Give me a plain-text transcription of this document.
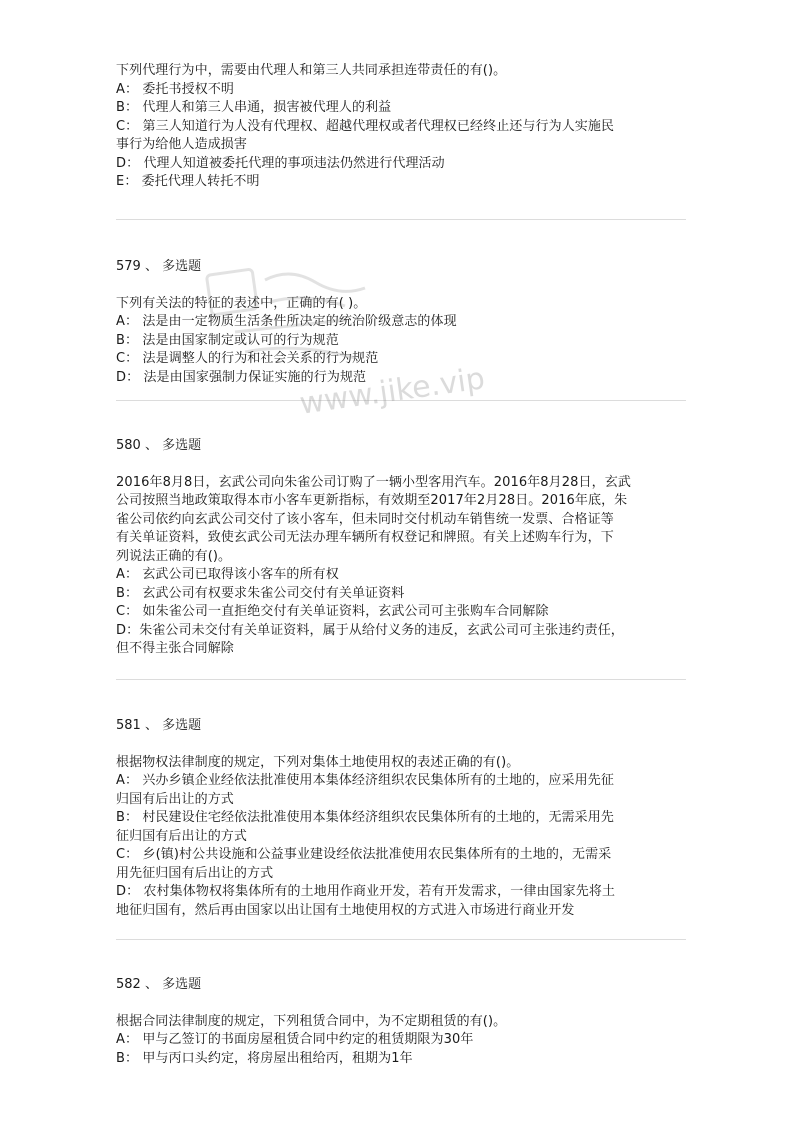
下列代理行为中，需要由代理人和第三人共同承担连带责任的有()。
A： 委托书授权不明
B： 代理人和第三人串通，损害被代理人的利益
C： 第三人知道行为人没有代理权、超越代理权或者代理权已经终止还与行为人实施民
事行为给他人造成损害
D： 代理人知道被委托代理的事项违法仍然进行代理活动
E： 委托代理人转托不明
579 、 多选题
下列有关法的特征的表述中，正确的有( )。
A： 法是由一定物质生活条件所决定的统治阶级意志的体现
B： 法是由国家制定或认可的行为规范
C： 法是调整人的行为和社会关系的行为规范
D： 法是由国家强制力保证实施的行为规范
580 、 多选题
2016年8月8日，玄武公司向朱雀公司订购了一辆小型客用汽车。2016年8月28日，玄武
公司按照当地政策取得本市小客车更新指标，有效期至2017年2月28日。2016年底，朱
雀公司依约向玄武公司交付了该小客车，但未同时交付机动车销售统一发票、合格证等
有关单证资料，致使玄武公司无法办理车辆所有权登记和牌照。有关上述购车行为，下
列说法正确的有()。
A： 玄武公司已取得该小客车的所有权
B： 玄武公司有权要求朱雀公司交付有关单证资料
C： 如朱雀公司一直拒绝交付有关单证资料，玄武公司可主张购车合同解除
D：朱雀公司未交付有关单证资料，属于从给付义务的违反，玄武公司可主张违约责任，
但不得主张合同解除
581 、 多选题
根据物权法律制度的规定，下列对集体土地使用权的表述正确的有()。
A： 兴办乡镇企业经依法批准使用本集体经济组织农民集体所有的土地的，应采用先征
归国有后出让的方式
B： 村民建设住宅经依法批准使用本集体经济组织农民集体所有的土地的，无需采用先
征归国有后出让的方式
C： 乡(镇)村公共设施和公益事业建设经依法批准使用农民集体所有的土地的，无需采
用先征归国有后出让的方式
D： 农村集体物权将集体所有的土地用作商业开发，若有开发需求，一律由国家先将土
地征归国有，然后再由国家以出让国有土地使用权的方式进入市场进行商业开发
582 、 多选题
根据合同法律制度的规定，下列租赁合同中，为不定期租赁的有()。
A： 甲与乙签订的书面房屋租赁合同中约定的租赁期限为30年
B： 甲与丙口头约定，将房屋出租给丙，租期为1年
www.jike.vip
